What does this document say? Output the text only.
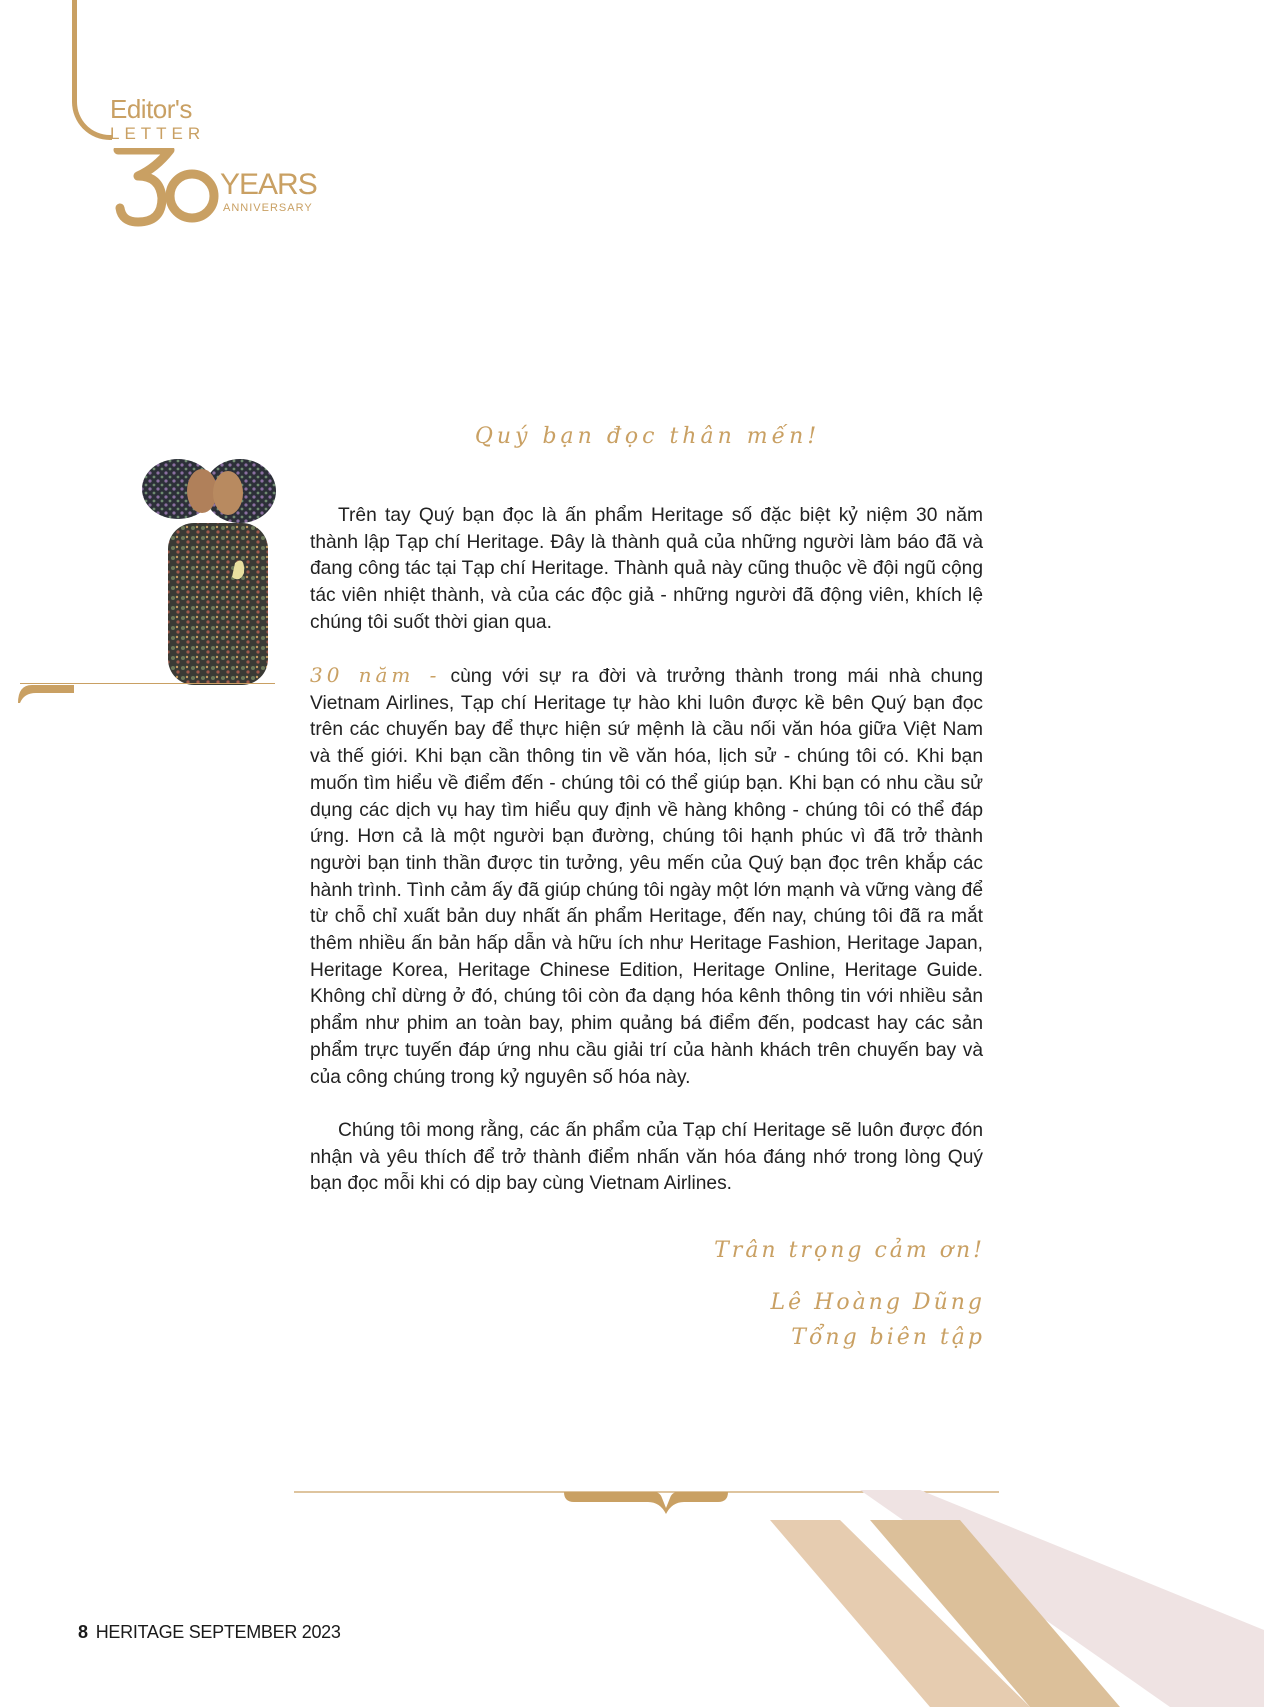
Editor's
LETTER
YEARS
ANNIVERSARY
Quý bạn đọc thân mến!

Trên tay Quý bạn đọc là ấn phẩm Heritage số đặc biệt kỷ niệm 30 năm thành lập Tạp chí Heritage. Đây là thành quả của những người làm báo đã và đang công tác tại Tạp chí Heritage. Thành quả này cũng thuộc về đội ngũ cộng tác viên nhiệt thành, và của các độc giả - những người đã động viên, khích lệ chúng tôi suốt thời gian qua.

30 năm - cùng với sự ra đời và trưởng thành trong mái nhà chung Vietnam Airlines, Tạp chí Heritage tự hào khi luôn được kề bên Quý bạn đọc trên các chuyến bay để thực hiện sứ mệnh là cầu nối văn hóa giữa Việt Nam và thế giới. Khi bạn cần thông tin về văn hóa, lịch sử - chúng tôi có. Khi bạn muốn tìm hiểu về điểm đến - chúng tôi có thể giúp bạn. Khi bạn có nhu cầu sử dụng các dịch vụ hay tìm hiểu quy định về hàng không - chúng tôi có thể đáp ứng. Hơn cả là một người bạn đường, chúng tôi hạnh phúc vì đã trở thành người bạn tinh thần được tin tưởng, yêu mến của Quý bạn đọc trên khắp các hành trình. Tình cảm ấy đã giúp chúng tôi ngày một lớn mạnh và vững vàng để từ chỗ chỉ xuất bản duy nhất ấn phẩm Heritage, đến nay, chúng tôi đã ra mắt thêm nhiều ấn bản hấp dẫn và hữu ích như Heritage Fashion, Heritage Japan, Heritage Korea, Heritage Chinese Edition, Heritage Online, Heritage Guide. Không chỉ dừng ở đó, chúng tôi còn đa dạng hóa kênh thông tin với nhiều sản phẩm như phim an toàn bay, phim quảng bá điểm đến, podcast hay các sản phẩm trực tuyến đáp ứng nhu cầu giải trí của hành khách trên chuyến bay và của công chúng trong kỷ nguyên số hóa này.

Chúng tôi mong rằng, các ấn phẩm của Tạp chí Heritage sẽ luôn được đón nhận và yêu thích để trở thành điểm nhấn văn hóa đáng nhớ trong lòng Quý bạn đọc mỗi khi có dịp bay cùng Vietnam Airlines.

Trân trọng cảm ơn!
Lê Hoàng Dũng
Tổng biên tập
8 HERITAGE SEPTEMBER 2023
